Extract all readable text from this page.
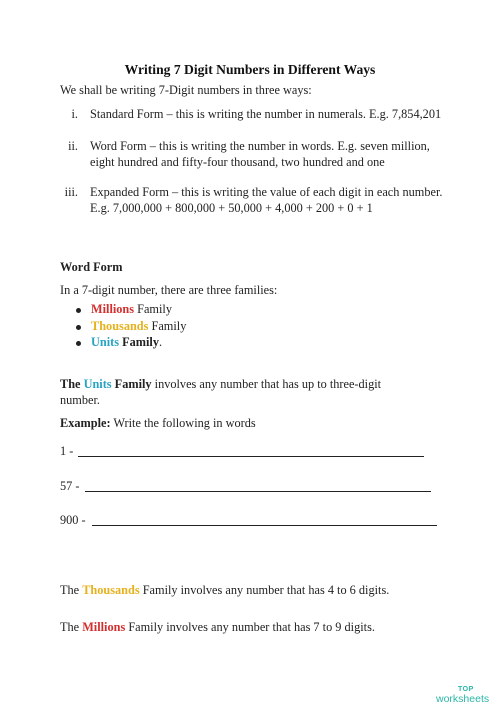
Writing 7 Digit Numbers in Different Ways
We shall be writing 7-Digit numbers in three ways:
i. Standard Form – this is writing the number in numerals. E.g. 7,854,201
ii. Word Form – this is writing the number in words. E.g. seven million, eight hundred and fifty-four thousand, two hundred and one
iii. Expanded Form – this is writing the value of each digit in each number. E.g. 7,000,000 + 800,000 + 50,000 + 4,000 + 200 + 0 + 1
Word Form
In a 7-digit number, there are three families:
Millions Family
Thousands Family
Units Family.
The Units Family involves any number that has up to three-digit
number.
Example: Write the following in words
1 -
57 -
900 -
The Thousands Family involves any number that has 4 to 6 digits.
The Millions Family involves any number that has 7 to 9 digits.
TOP
worksheets
